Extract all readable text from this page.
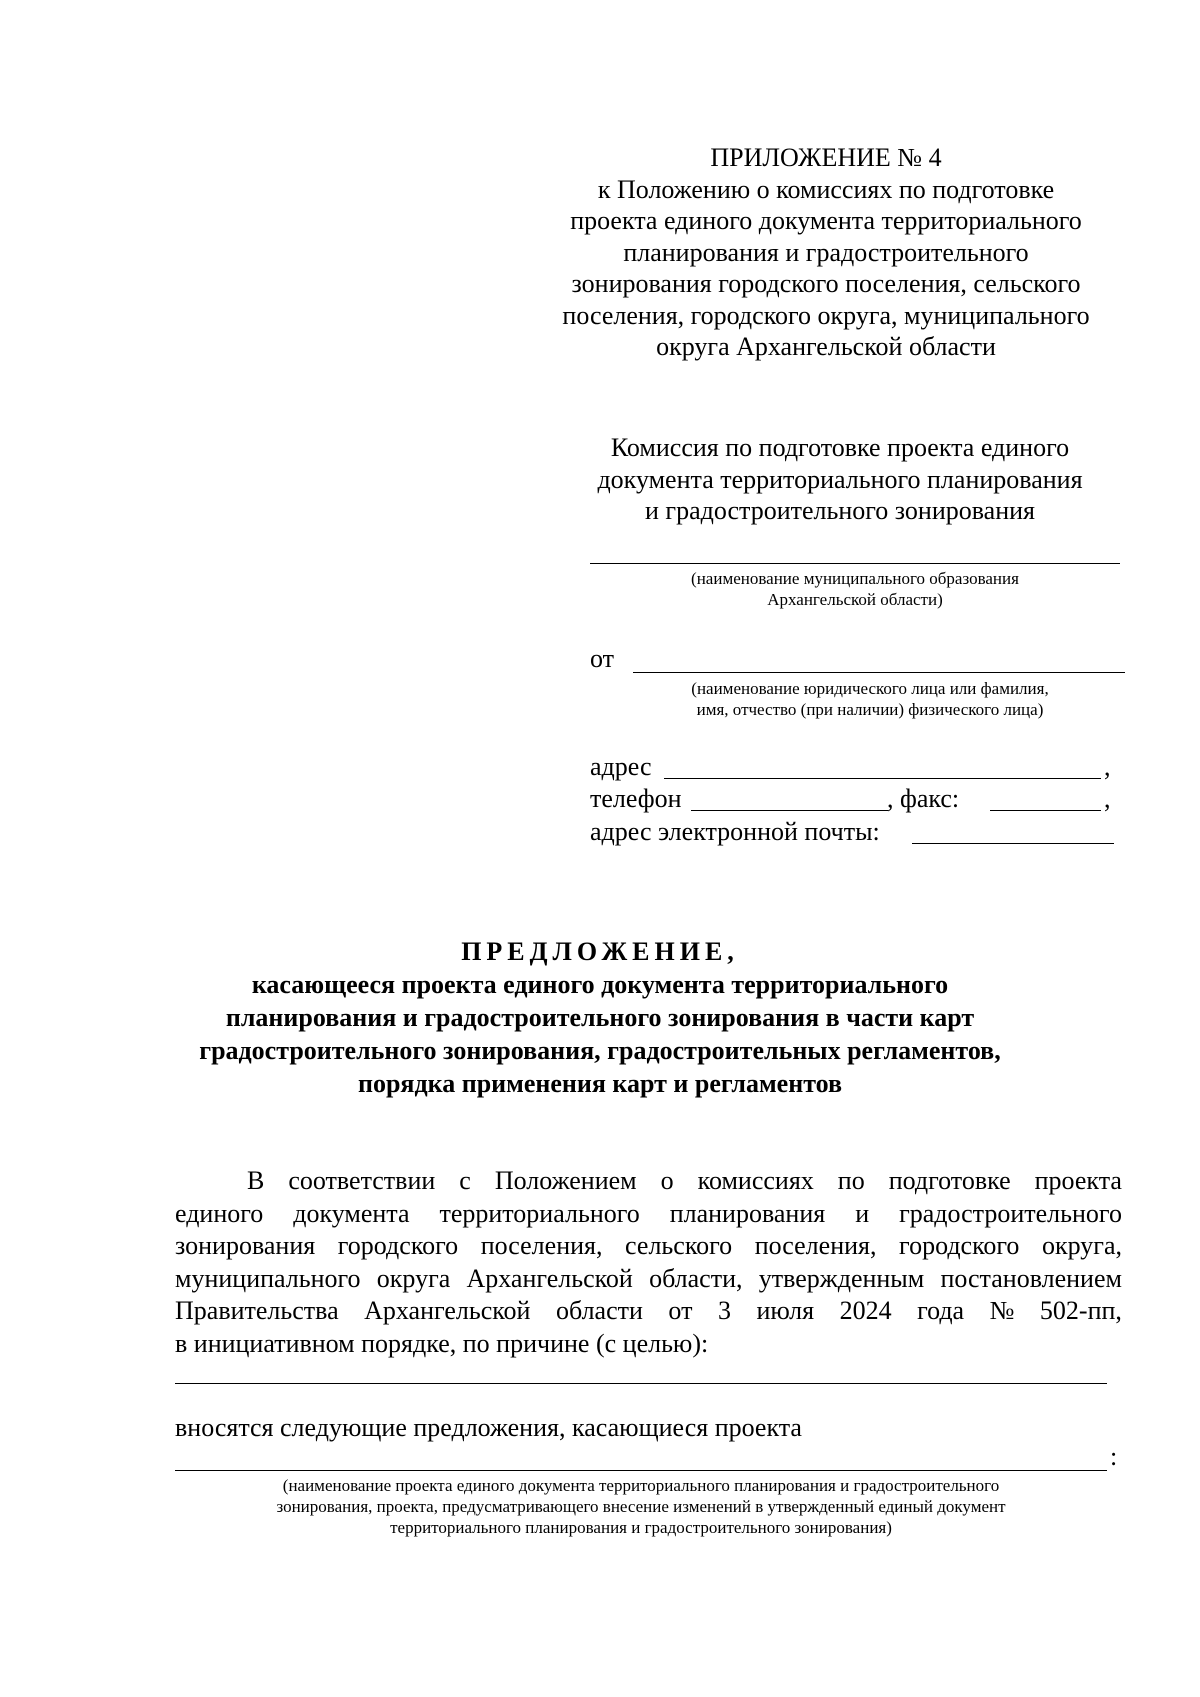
ПРИЛОЖЕНИЕ № 4
к Положению о комиссиях по подготовке
проекта единого документа территориального
планирования и градостроительного
зонирования городского поселения, сельского
поселения, городского округа, муниципального
округа Архангельской области
Комиссия по подготовке проекта единого
документа территориального планирования
и градостроительного зонирования
(наименование муниципального образования
Архангельской области)
от
(наименование юридического лица или фамилия,
имя, отчество (при наличии) физического лица)
адрес	,
телефон	, факс:	,
адрес электронной почты:
ПРЕДЛОЖЕНИЕ,
касающееся проекта единого документа территориального
планирования и градостроительного зонирования в части карт
градостроительного зонирования, градостроительных регламентов,
порядка применения карт и регламентов
В соответствии с Положением о комиссиях по подготовке проекта
единого документа территориального планирования и градостроительного
зонирования городского поселения, сельского поселения, городского округа,
муниципального округа Архангельской области, утвержденным постановлением
Правительства Архангельской области от 3 июля 2024 года № 502-пп,
в инициативном порядке, по причине (с целью):
вносятся следующие предложения, касающиеся проекта
:
(наименование проекта единого документа территориального планирования и градостроительного
зонирования, проекта, предусматривающего внесение изменений в утвержденный единый документ
территориального планирования и градостроительного зонирования)
